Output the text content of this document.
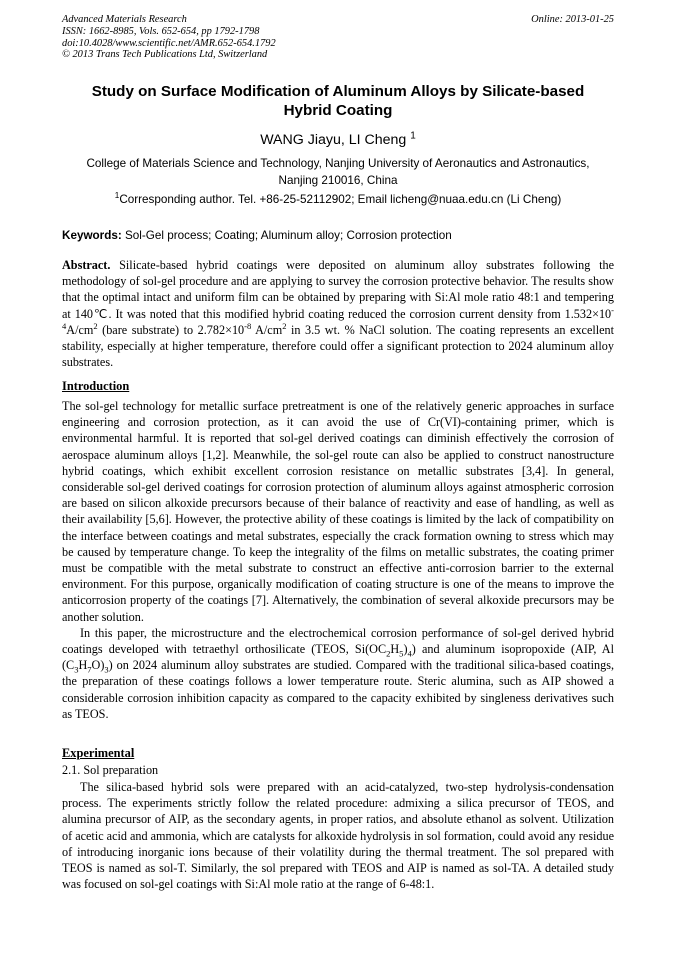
Advanced Materials Research
ISSN: 1662-8985, Vols. 652-654, pp 1792-1798
doi:10.4028/www.scientific.net/AMR.652-654.1792
© 2013 Trans Tech Publications Ltd, Switzerland
Online: 2013-01-25
Study on Surface Modification of Aluminum Alloys by Silicate-based
Hybrid Coating
WANG Jiayu, LI Cheng $^1$
College of Materials Science and Technology, Nanjing University of Aeronautics and Astronautics,
Nanjing 210016, China
$^1$Corresponding author. Tel. +86-25-52112902; Email licheng@nuaa.edu.cn (Li Cheng)
Keywords: Sol-Gel process; Coating; Aluminum alloy; Corrosion protection

Abstract. Silicate-based hybrid coatings were deposited on aluminum alloy substrates following the methodology of sol-gel procedure and are applying to survey the corrosion protective behavior. The results show that the optimal intact and uniform film can be obtained by preparing with Si:Al mole ratio 48:1 and tempering at 140℃. It was noted that this modified hybrid coating reduced the corrosion current density from $1.532\times 10^{-4}A/cm^2$ (bare substrate) to $2.782\times 10^{-8}$ $A/cm^2$ in 3.5 wt. % NaCl solution. The coating represents an excellent stability, especially at higher temperature, therefore could offer a significant protection to 2024 aluminum alloy substrates.

Introduction

The sol-gel technology for metallic surface pretreatment is one of the relatively generic approaches in surface engineering and corrosion protection, as it can avoid the use of Cr(VI)-containing primer, which is environmental harmful. It is reported that sol-gel derived coatings can diminish effectively the corrosion of aerospace aluminum alloys [1,2]. Meanwhile, the sol-gel route can also be applied to construct nanostructure hybrid coatings, which exhibit excellent corrosion resistance on metallic substrates [3,4]. In general, considerable sol-gel derived coatings for corrosion protection of aluminum alloys against atmospheric corrosion are based on silicon alkoxide precursors because of their balance of reactivity and ease of handling, as well as their availability [5,6]. However, the protective ability of these coatings is limited by the lack of compatibility on the interface between coatings and metal substrates, especially the crack formation owning to stress which may be caused by temperature change. To keep the integrality of the films on metallic substrates, the coating primer must be compatible with the metal substrate to construct an effective anti-corrosion barrier to the external environment. For this purpose, organically modification of coating structure is one of the means to improve the anticorrosion property of the coatings [7]. Alternatively, the combination of several alkoxide precursors may be another solution.

In this paper, the microstructure and the electrochemical corrosion performance of sol-gel derived hybrid coatings developed with tetraethyl orthosilicate (TEOS, $Si(OC_2H_5)_4$) and aluminum isopropoxide (AIP, Al $(C_3H_7O)_3$) on 2024 aluminum alloy substrates are studied. Compared with the traditional silica-based coatings, the preparation of these coatings follows a lower temperature route. Steric alumina, such as AIP showed a considerable corrosion inhibition capacity as compared to the capacity exhibited by singleness derivatives such as TEOS.

Experimental
2.1. Sol preparation

The silica-based hybrid sols were prepared with an acid-catalyzed, two-step hydrolysis-condensation process. The experiments strictly follow the related procedure: admixing a silica precursor of TEOS, and alumina precursor of AIP, as the secondary agents, in proper ratios, and absolute ethanol as solvent. Utilization of acetic acid and ammonia, which are catalysts for alkoxide hydrolysis in sol formation, could avoid any residue of introducing inorganic ions because of their volatility during the thermal treatment. The sol prepared with TEOS is named as sol-T. Similarly, the sol prepared with TEOS and AIP is named as sol-TA. A detailed study was focused on sol-gel coatings with Si:Al mole ratio at the range of 6-48:1.
